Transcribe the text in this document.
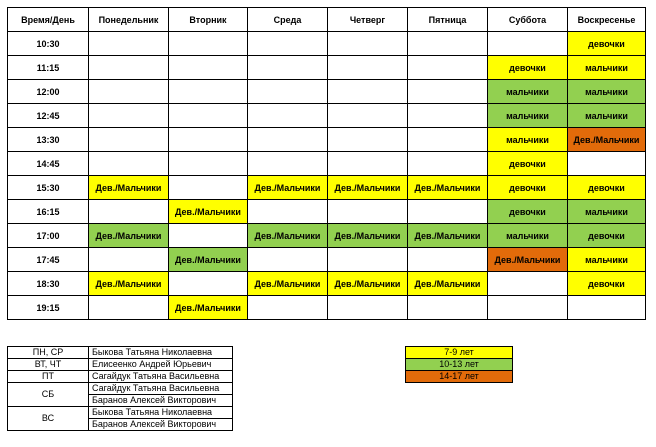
Время/День	Понедельник	Вторник	Среда	Четверг	Пятница	Суббота	Воскресенье
10:30							девочки
11:15						девочки	мальчики
12:00						мальчики	мальчики
12:45						мальчики	мальчики
13:30						мальчики	Дев./Мальчики
14:45						девочки	
15:30	Дев./Мальчики		Дев./Мальчики	Дев./Мальчики	Дев./Мальчики	девочки	девочки
16:15		Дев./Мальчики				девочки	мальчики
17:00	Дев./Мальчики		Дев./Мальчики	Дев./Мальчики	Дев./Мальчики	мальчики	девочки
17:45		Дев./Мальчики				Дев./Мальчики	мальчики
18:30	Дев./Мальчики		Дев./Мальчики	Дев./Мальчики	Дев./Мальчики		девочки
19:15		Дев./Мальчики					
ПН, СР	Быкова Татьяна Николаевна
ВТ, ЧТ	Елисеенко Андрей Юрьевич
ПТ	Сагайдук Татьяна Васильевна
СБ	Сагайдук Татьяна Васильевна
	Баранов Алексей Викторович
ВС	Быкова Татьяна Николаевна
	Баранов Алексей Викторович
7-9 лет
10-13 лет
14-17 лет
